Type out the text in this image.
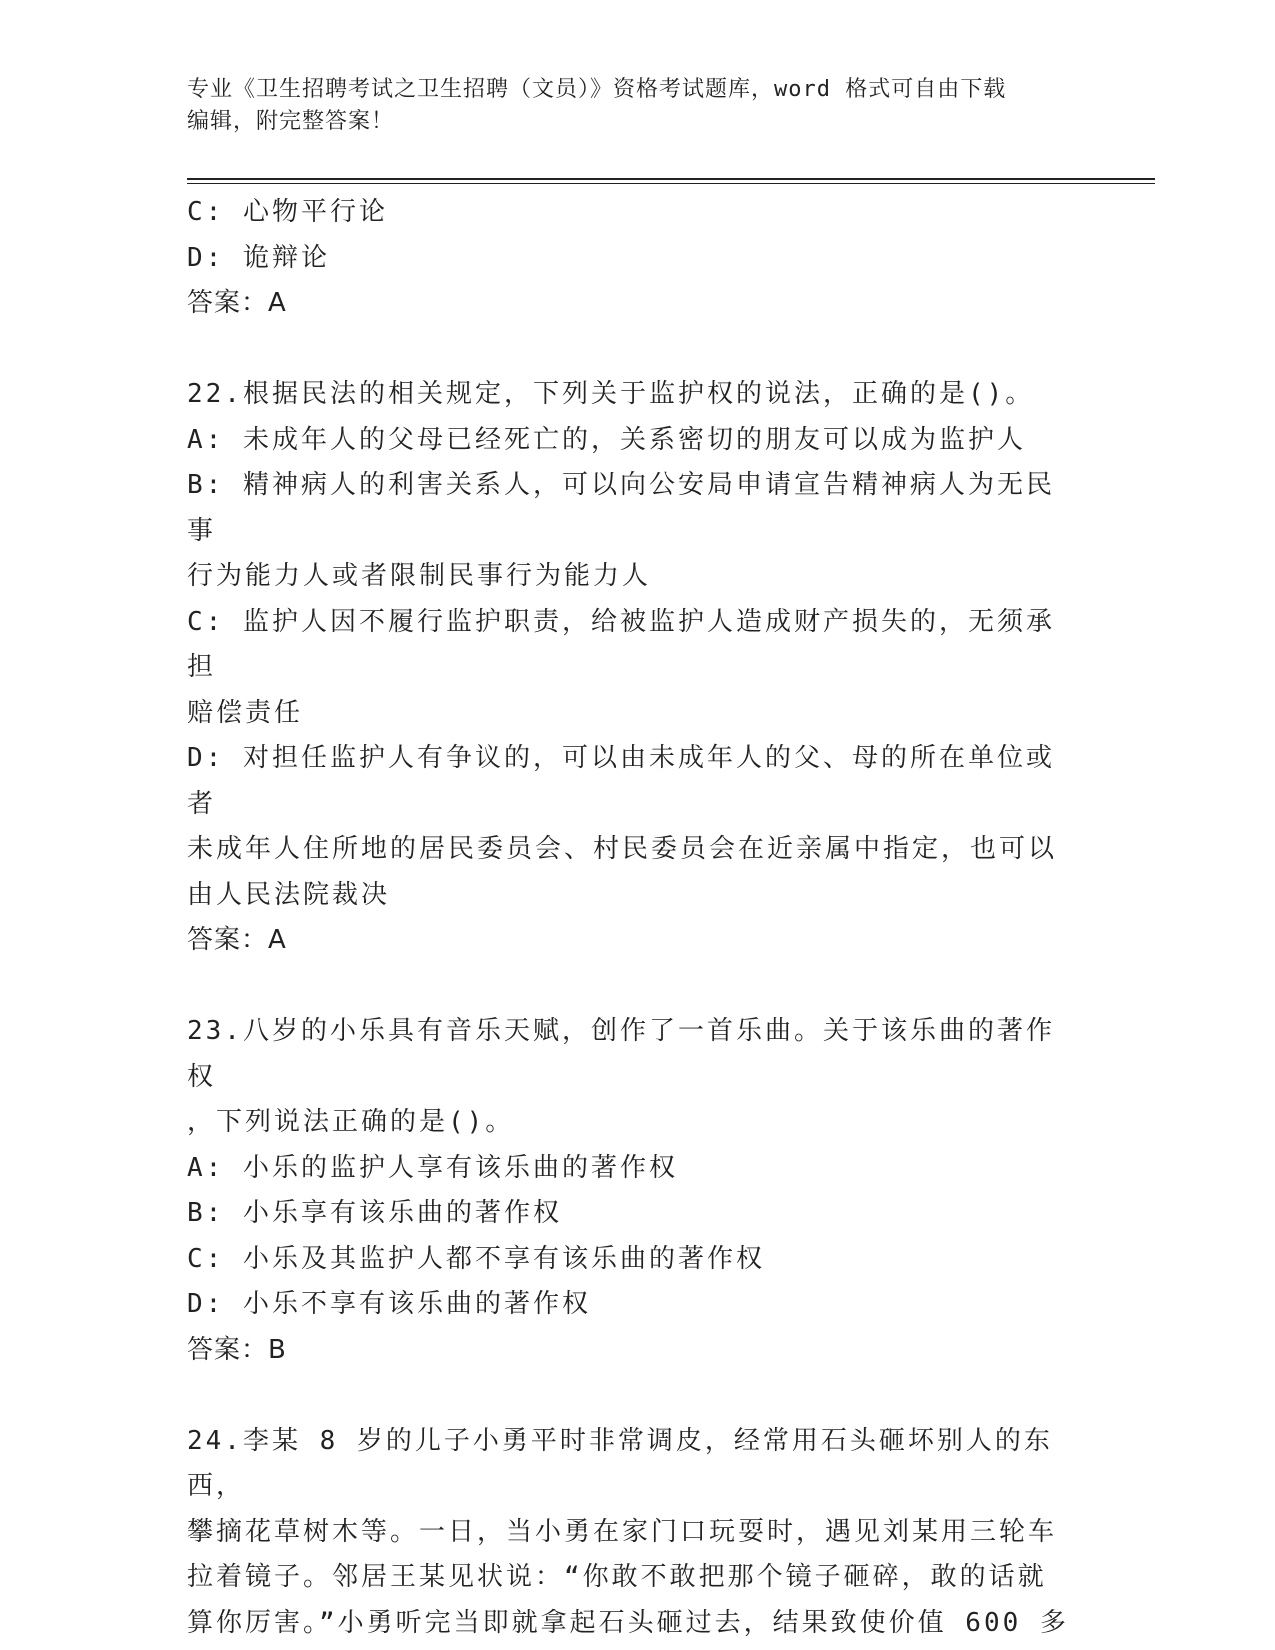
专业《卫生招聘考试之卫生招聘（文员）》资格考试题库，word 格式可自由下载
编辑，附完整答案！
C: 心物平行论
D: 诡辩论
答案：A
22.根据民法的相关规定，下列关于监护权的说法，正确的是()。
A: 未成年人的父母已经死亡的，关系密切的朋友可以成为监护人
B: 精神病人的利害关系人，可以向公安局申请宣告精神病人为无民事
行为能力人或者限制民事行为能力人
C: 监护人因不履行监护职责，给被监护人造成财产损失的，无须承担
赔偿责任
D: 对担任监护人有争议的，可以由未成年人的父、母的所在单位或者
未成年人住所地的居民委员会、村民委员会在近亲属中指定，也可以
由人民法院裁决
答案：A
23.八岁的小乐具有音乐天赋，创作了一首乐曲。关于该乐曲的著作权
，下列说法正确的是()。
A: 小乐的监护人享有该乐曲的著作权
B: 小乐享有该乐曲的著作权
C: 小乐及其监护人都不享有该乐曲的著作权
D: 小乐不享有该乐曲的著作权
答案：B
24.李某 8 岁的儿子小勇平时非常调皮，经常用石头砸坏别人的东西，
攀摘花草树木等。一日，当小勇在家门口玩耍时，遇见刘某用三轮车
拉着镜子。邻居王某见状说：“你敢不敢把那个镜子砸碎，敢的话就
算你厉害。”小勇听完当即就拿起石头砸过去，结果致使价值 600 多
